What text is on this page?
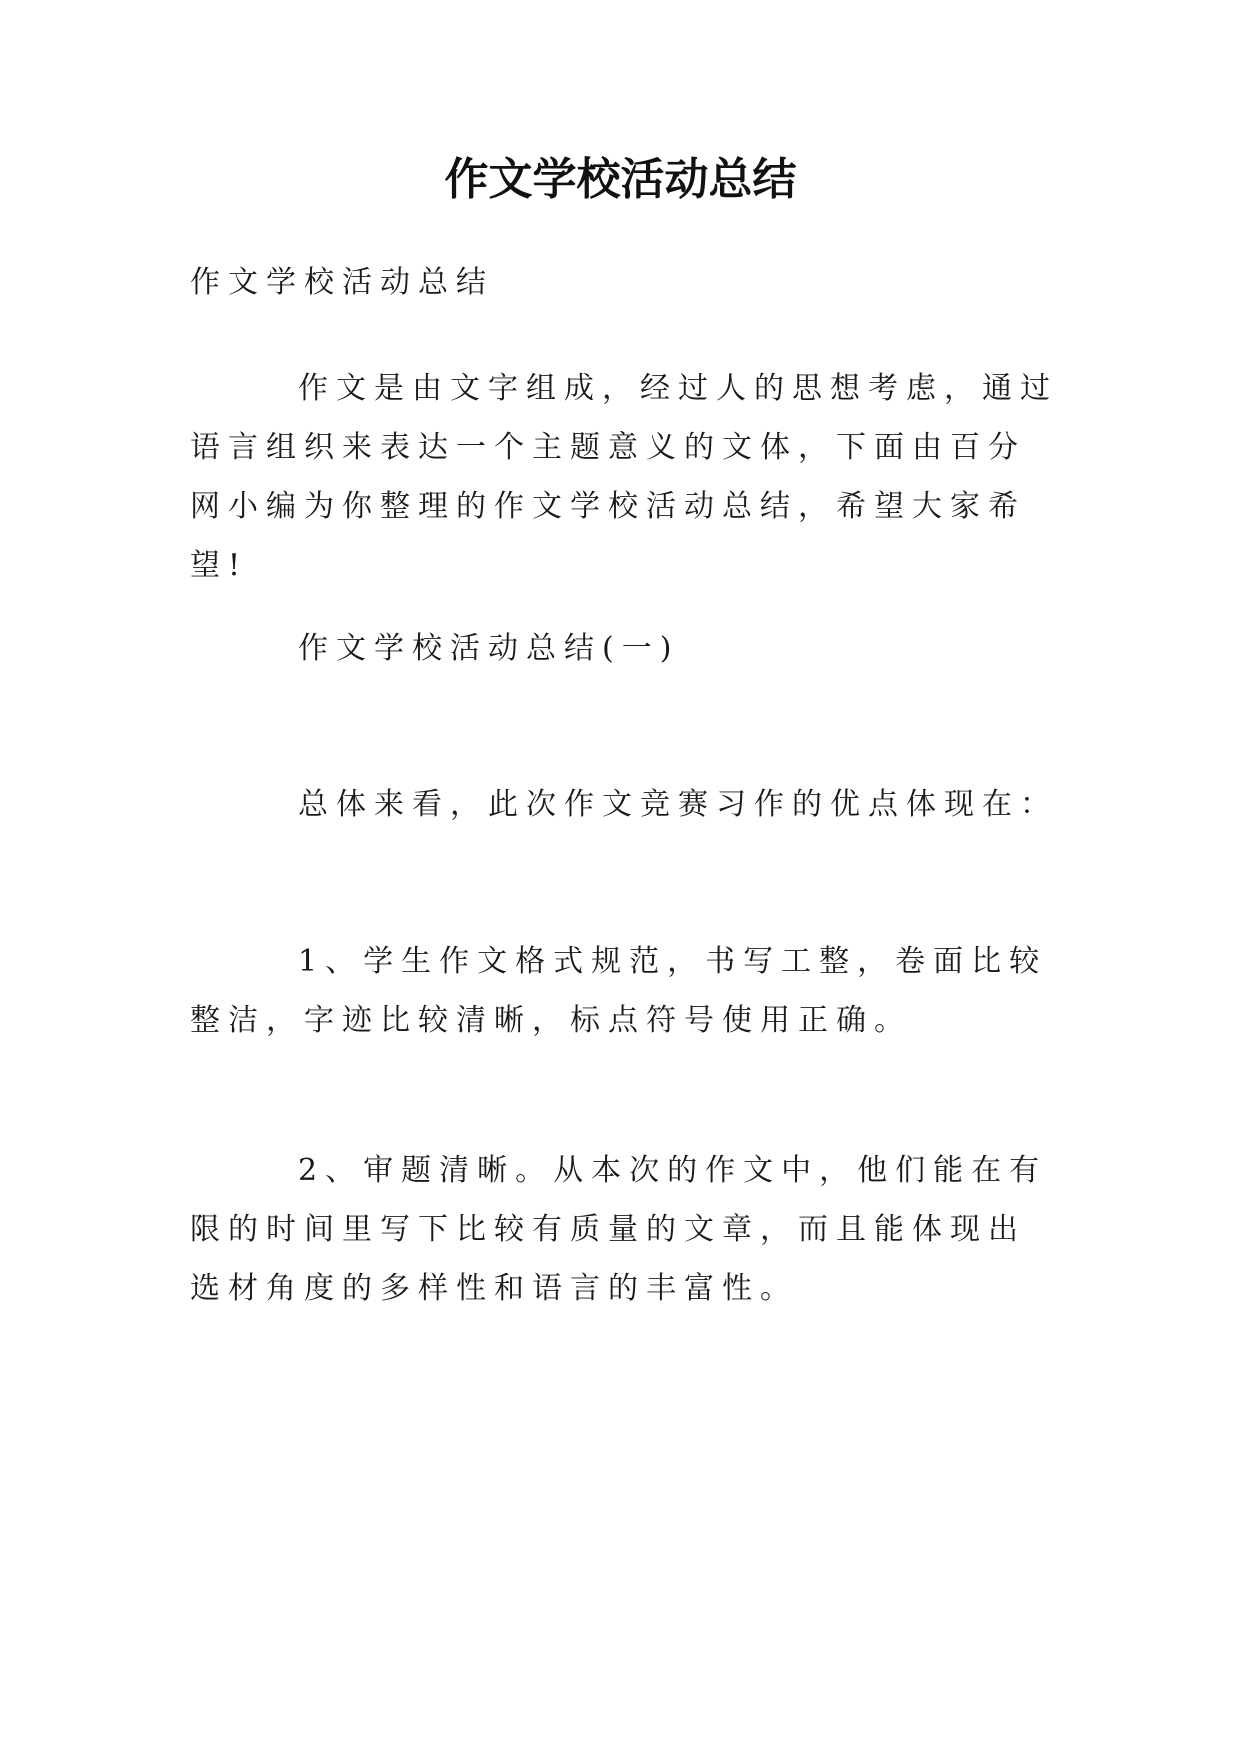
作文学校活动总结

作文学校活动总结

作文是由文字组成，经过人的思想考虑，通过语言组织来表达一个主题意义的文体，下面由百分网小编为你整理的作文学校活动总结，希望大家希望!

作文学校活动总结(一)

总体来看，此次作文竞赛习作的优点体现在：

1、学生作文格式规范，书写工整，卷面比较整洁，字迹比较清晰，标点符号使用正确。

2、审题清晰。从本次的作文中，他们能在有限的时间里写下比较有质量的文章，而且能体现出选材角度的多样性和语言的丰富性。
